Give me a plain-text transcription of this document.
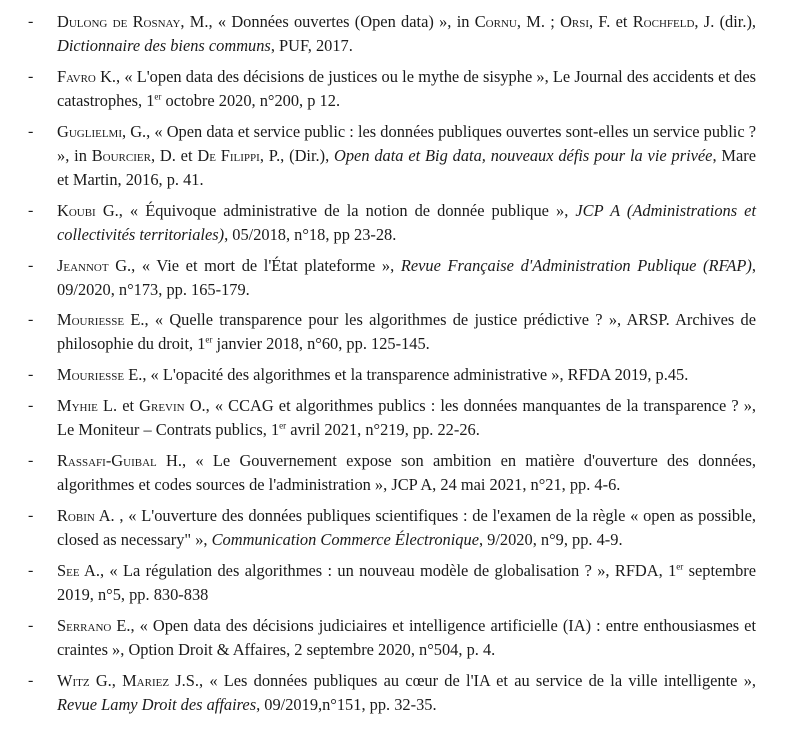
- Dulong de Rosnay, M., « Données ouvertes (Open data) », in Cornu, M. ; Orsi, F. et Rochfeld, J. (dir.), Dictionnaire des biens communs, PUF, 2017.
- Favro K., « L'open data des décisions de justices ou le mythe de sisyphe », Le Journal des accidents et des catastrophes, 1er octobre 2020, n°200, p 12.
- Guglielmi, G., « Open data et service public : les données publiques ouvertes sont-elles un service public ? », in Bourcier, D. et De Filippi, P., (Dir.), Open data et Big data, nouveaux défis pour la vie privée, Mare et Martin, 2016, p. 41.
- Koubi G., « Équivoque administrative de la notion de donnée publique », JCP A (Administrations et collectivités territoriales), 05/2018, n°18, pp 23-28.
- Jeannot G., « Vie et mort de l'État plateforme », Revue Française d'Administration Publique (RFAP), 09/2020, n°173, pp. 165-179.
- Mouriesse E., « Quelle transparence pour les algorithmes de justice prédictive ? », ARSP. Archives de philosophie du droit, 1er janvier 2018, n°60, pp. 125-145.
- Mouriesse E., « L'opacité des algorithmes et la transparence administrative », RFDA 2019, p.45.
- Myhie L. et Grevin O., « CCAG et algorithmes publics : les données manquantes de la transparence ? », Le Moniteur – Contrats publics, 1er avril 2021, n°219, pp. 22-26.
- Rassafi-Guibal H., « Le Gouvernement expose son ambition en matière d'ouverture des données, algorithmes et codes sources de l'administration », JCP A, 24 mai 2021, n°21, pp. 4-6.
- Robin A. , « L'ouverture des données publiques scientifiques : de l'examen de la règle « open as possible, closed as necessary" », Communication Commerce Électronique, 9/2020, n°9, pp. 4-9.
- See A., « La régulation des algorithmes : un nouveau modèle de globalisation ? », RFDA, 1er septembre 2019, n°5, pp. 830-838
- Serrano E., « Open data des décisions judiciaires et intelligence artificielle (IA) : entre enthousiasmes et craintes », Option Droit & Affaires, 2 septembre 2020, n°504, p. 4.
- Witz G., Mariez J.S., « Les données publiques au cœur de l'IA et au service de la ville intelligente », Revue Lamy Droit des affaires, 09/2019,n°151, pp. 32-35.
